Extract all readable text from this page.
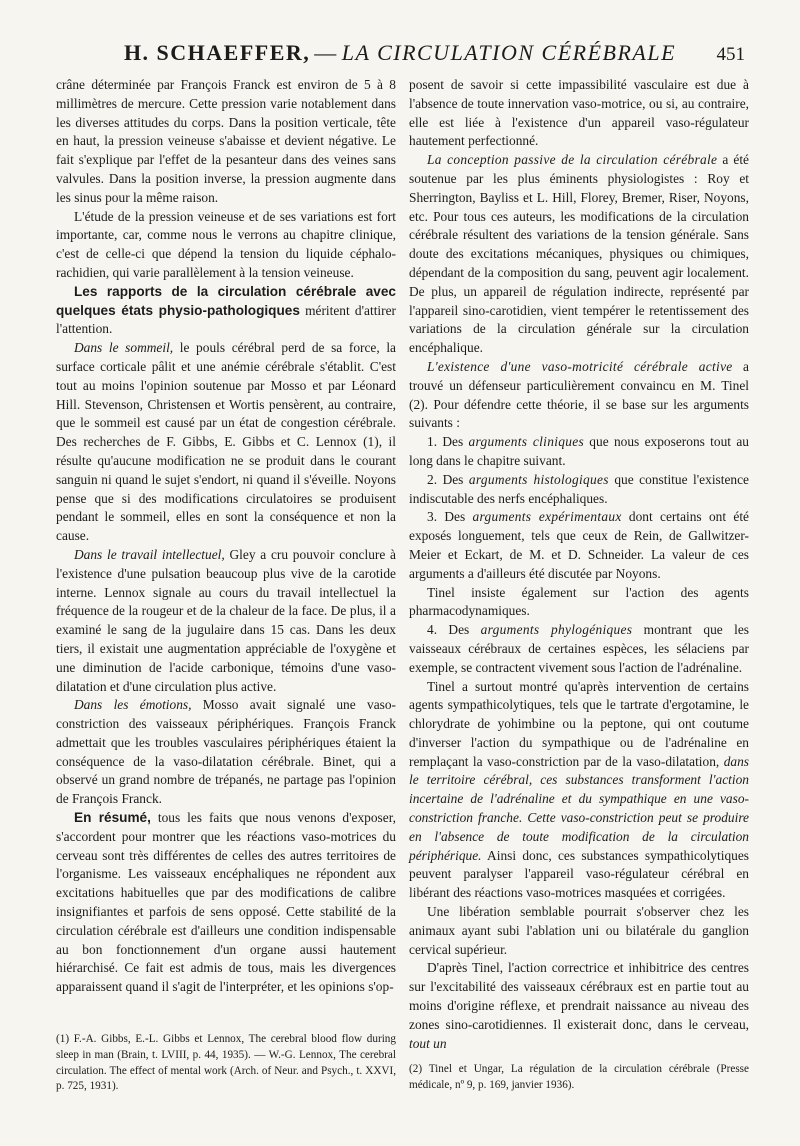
H. SCHAEFFER, — LA CIRCULATION CÉRÉBRALE 451

crâne déterminée par François Franck est environ de 5 à 8 millimètres de mercure. Cette pression varie notablement dans les diverses attitudes du corps. Dans la position verticale, tête en haut, la pression veineuse s'abaisse et devient négative. Le fait s'explique par l'effet de la pesanteur dans des veines sans valvules. Dans la position inverse, la pression augmente dans les sinus pour la même raison.

L'étude de la pression veineuse et de ses variations est fort importante, car, comme nous le verrons au chapitre clinique, c'est de celle-ci que dépend la tension du liquide céphalo-rachidien, qui varie parallèlement à la tension veineuse.

Les rapports de la circulation cérébrale avec quelques états physio-pathologiques méritent d'attirer l'attention.

Dans le sommeil, le pouls cérébral perd de sa force, la surface corticale pâlit et une anémie cérébrale s'établit. C'est tout au moins l'opinion soutenue par Mosso et par Léonard Hill. Stevenson, Christensen et Wortis pensèrent, au contraire, que le sommeil est causé par un état de congestion cérébrale. Des recherches de F. Gibbs, E. Gibbs et C. Lennox (1), il résulte qu'aucune modification ne se produit dans le courant sanguin ni quand le sujet s'endort, ni quand il s'éveille. Noyons pense que si des modifications circulatoires se produisent pendant le sommeil, elles en sont la conséquence et non la cause.

Dans le travail intellectuel, Gley a cru pouvoir conclure à l'existence d'une pulsation beaucoup plus vive de la carotide interne. Lennox signale au cours du travail intellectuel la fréquence de la rougeur et de la chaleur de la face. De plus, il a examiné le sang de la jugulaire dans 15 cas. Dans les deux tiers, il existait une augmentation appréciable de l'oxygène et une diminution de l'acide carbonique, témoins d'une vaso-dilatation et d'une circulation plus active.

Dans les émotions, Mosso avait signalé une vaso-constriction des vaisseaux périphériques. François Franck admettait que les troubles vasculaires périphériques étaient la conséquence de la vaso-dilatation cérébrale. Binet, qui a observé un grand nombre de trépanés, ne partage pas l'opinion de François Franck.

En résumé, tous les faits que nous venons d'exposer, s'accordent pour montrer que les réactions vaso-motrices du cerveau sont très différentes de celles des autres territoires de l'organisme. Les vaisseaux encéphaliques ne répondent aux excitations habituelles que par des modifications de calibre insignifiantes et parfois de sens opposé. Cette stabilité de la circulation cérébrale est d'ailleurs une condition indispensable au bon fonctionnement d'un organe aussi hautement hiérarchisé. Ce fait est admis de tous, mais les divergences apparaissent quand il s'agit de l'interpréter, et les opinions s'op-

(1) F.-A. Gibbs, E.-L. Gibbs et Lennox, The cerebral blood flow during sleep in man (Brain, t. LVIII, p. 44, 1935). — W.-G. Lennox, The cerebral circulation. The effect of mental work (Arch. of Neur. and Psych., t. XXVI, p. 725, 1931).

posent de savoir si cette impassibilité vasculaire est due à l'absence de toute innervation vaso-motrice, ou si, au contraire, elle est liée à l'existence d'un appareil vaso-régulateur hautement perfectionné.

La conception passive de la circulation cérébrale a été soutenue par les plus éminents physiologistes : Roy et Sherrington, Bayliss et L. Hill, Florey, Bremer, Riser, Noyons, etc. Pour tous ces auteurs, les modifications de la circulation cérébrale résultent des variations de la tension générale. Sans doute des excitations mécaniques, physiques ou chimiques, dépendant de la composition du sang, peuvent agir localement. De plus, un appareil de régulation indirecte, représenté par l'appareil sino-carotidien, vient tempérer le retentissement des variations de la circulation générale sur la circulation encéphalique.

L'existence d'une vaso-motricité cérébrale active a trouvé un défenseur particulièrement convaincu en M. Tinel (2). Pour défendre cette théorie, il se base sur les arguments suivants :

1. Des arguments cliniques que nous exposerons tout au long dans le chapitre suivant.

2. Des arguments histologiques que constitue l'existence indiscutable des nerfs encéphaliques.

3. Des arguments expérimentaux dont certains ont été exposés longuement, tels que ceux de Rein, de Gallwitzer-Meier et Eckart, de M. et D. Schneider. La valeur de ces arguments a d'ailleurs été discutée par Noyons.

Tinel insiste également sur l'action des agents pharmacodynamiques.

4. Des arguments phylogéniques montrant que les vaisseaux cérébraux de certaines espèces, les sélaciens par exemple, se contractent vivement sous l'action de l'adrénaline.

Tinel a surtout montré qu'après intervention de certains agents sympathicolytiques, tels que le tartrate d'ergotamine, le chlorydrate de yohimbine ou la peptone, qui ont coutume d'inverser l'action du sympathique ou de l'adrénaline en remplaçant la vaso-constriction par de la vaso-dilatation, dans le territoire cérébral, ces substances transforment l'action incertaine de l'adrénaline et du sympathique en une vaso-constriction franche. Cette vaso-constriction peut se produire en l'absence de toute modification de la circulation périphérique. Ainsi donc, ces substances sympathicolytiques peuvent paralyser l'appareil vaso-régulateur cérébral en libérant des réactions vaso-motrices masquées et corrigées.

Une libération semblable pourrait s'observer chez les animaux ayant subi l'ablation uni ou bilatérale du ganglion cervical supérieur.

D'après Tinel, l'action correctrice et inhibitrice des centres sur l'excitabilité des vaisseaux cérébraux est en partie tout au moins d'origine réflexe, et prendrait naissance au niveau des zones sino-carotidiennes. Il existerait donc, dans le cerveau, tout un

(2) Tinel et Ungar, La régulation de la circulation cérébrale (Presse médicale, nº 9, p. 169, janvier 1936).
